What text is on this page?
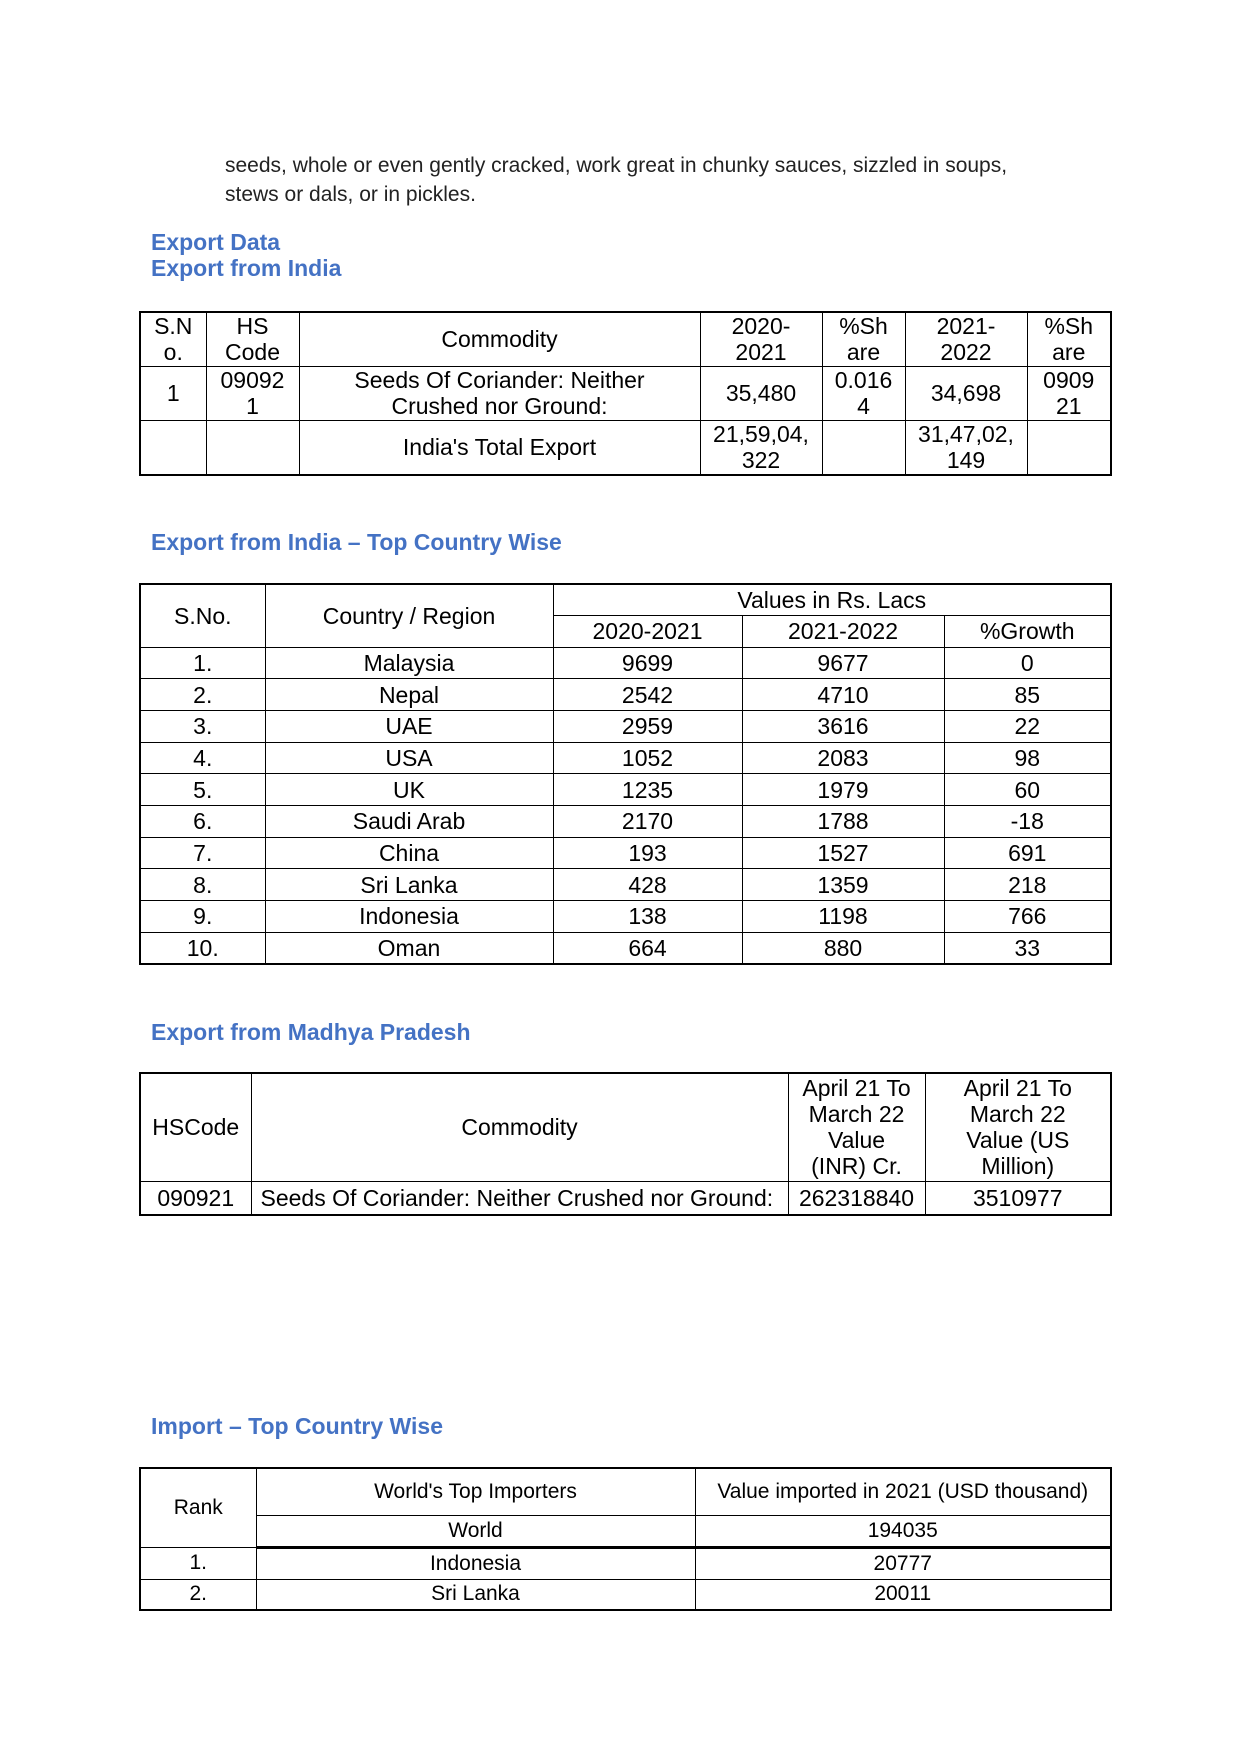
seeds, whole or even gently cracked, work great in chunky sauces, sizzled in soups,
stews or dals, or in pickles.
Export Data
Export from India
S.No.	HS Code	Commodity	2020-2021	%Share	2021-2022	%Share

1	090921	Seeds Of Coriander: Neither Crushed nor Ground:	35,480	0.0164	34,698	090921

		India's Total Export	21,59,04,322		31,47,02,149	

Export from India – Top Country Wise
S.No.	Country / Region	Values in Rs. Lacs		

		2020-2021	2021-2022	%Growth

1.	Malaysia	9699	9677	0

2.	Nepal	2542	4710	85

3.	UAE	2959	3616	22

4.	USA	1052	2083	98

5.	UK	1235	1979	60

6.	Saudi Arab	2170	1788	-18

7.	China	193	1527	691

8.	Sri Lanka	428	1359	218

9.	Indonesia	138	1198	766

10.	Oman	664	880	33
Export from Madhya Pradesh
HSCode	Commodity	April 21 To March 22 Value (INR) Cr.	April 21 To March 22 Value (US Million)

090921	Seeds Of Coriander: Neither Crushed nor Ground:	262318840	3510977
Import – Top Country Wise
Rank	World's Top Importers	Value imported in 2021 (USD thousand)

	World	194035

1.	Indonesia	20777

2.	Sri Lanka	20011
